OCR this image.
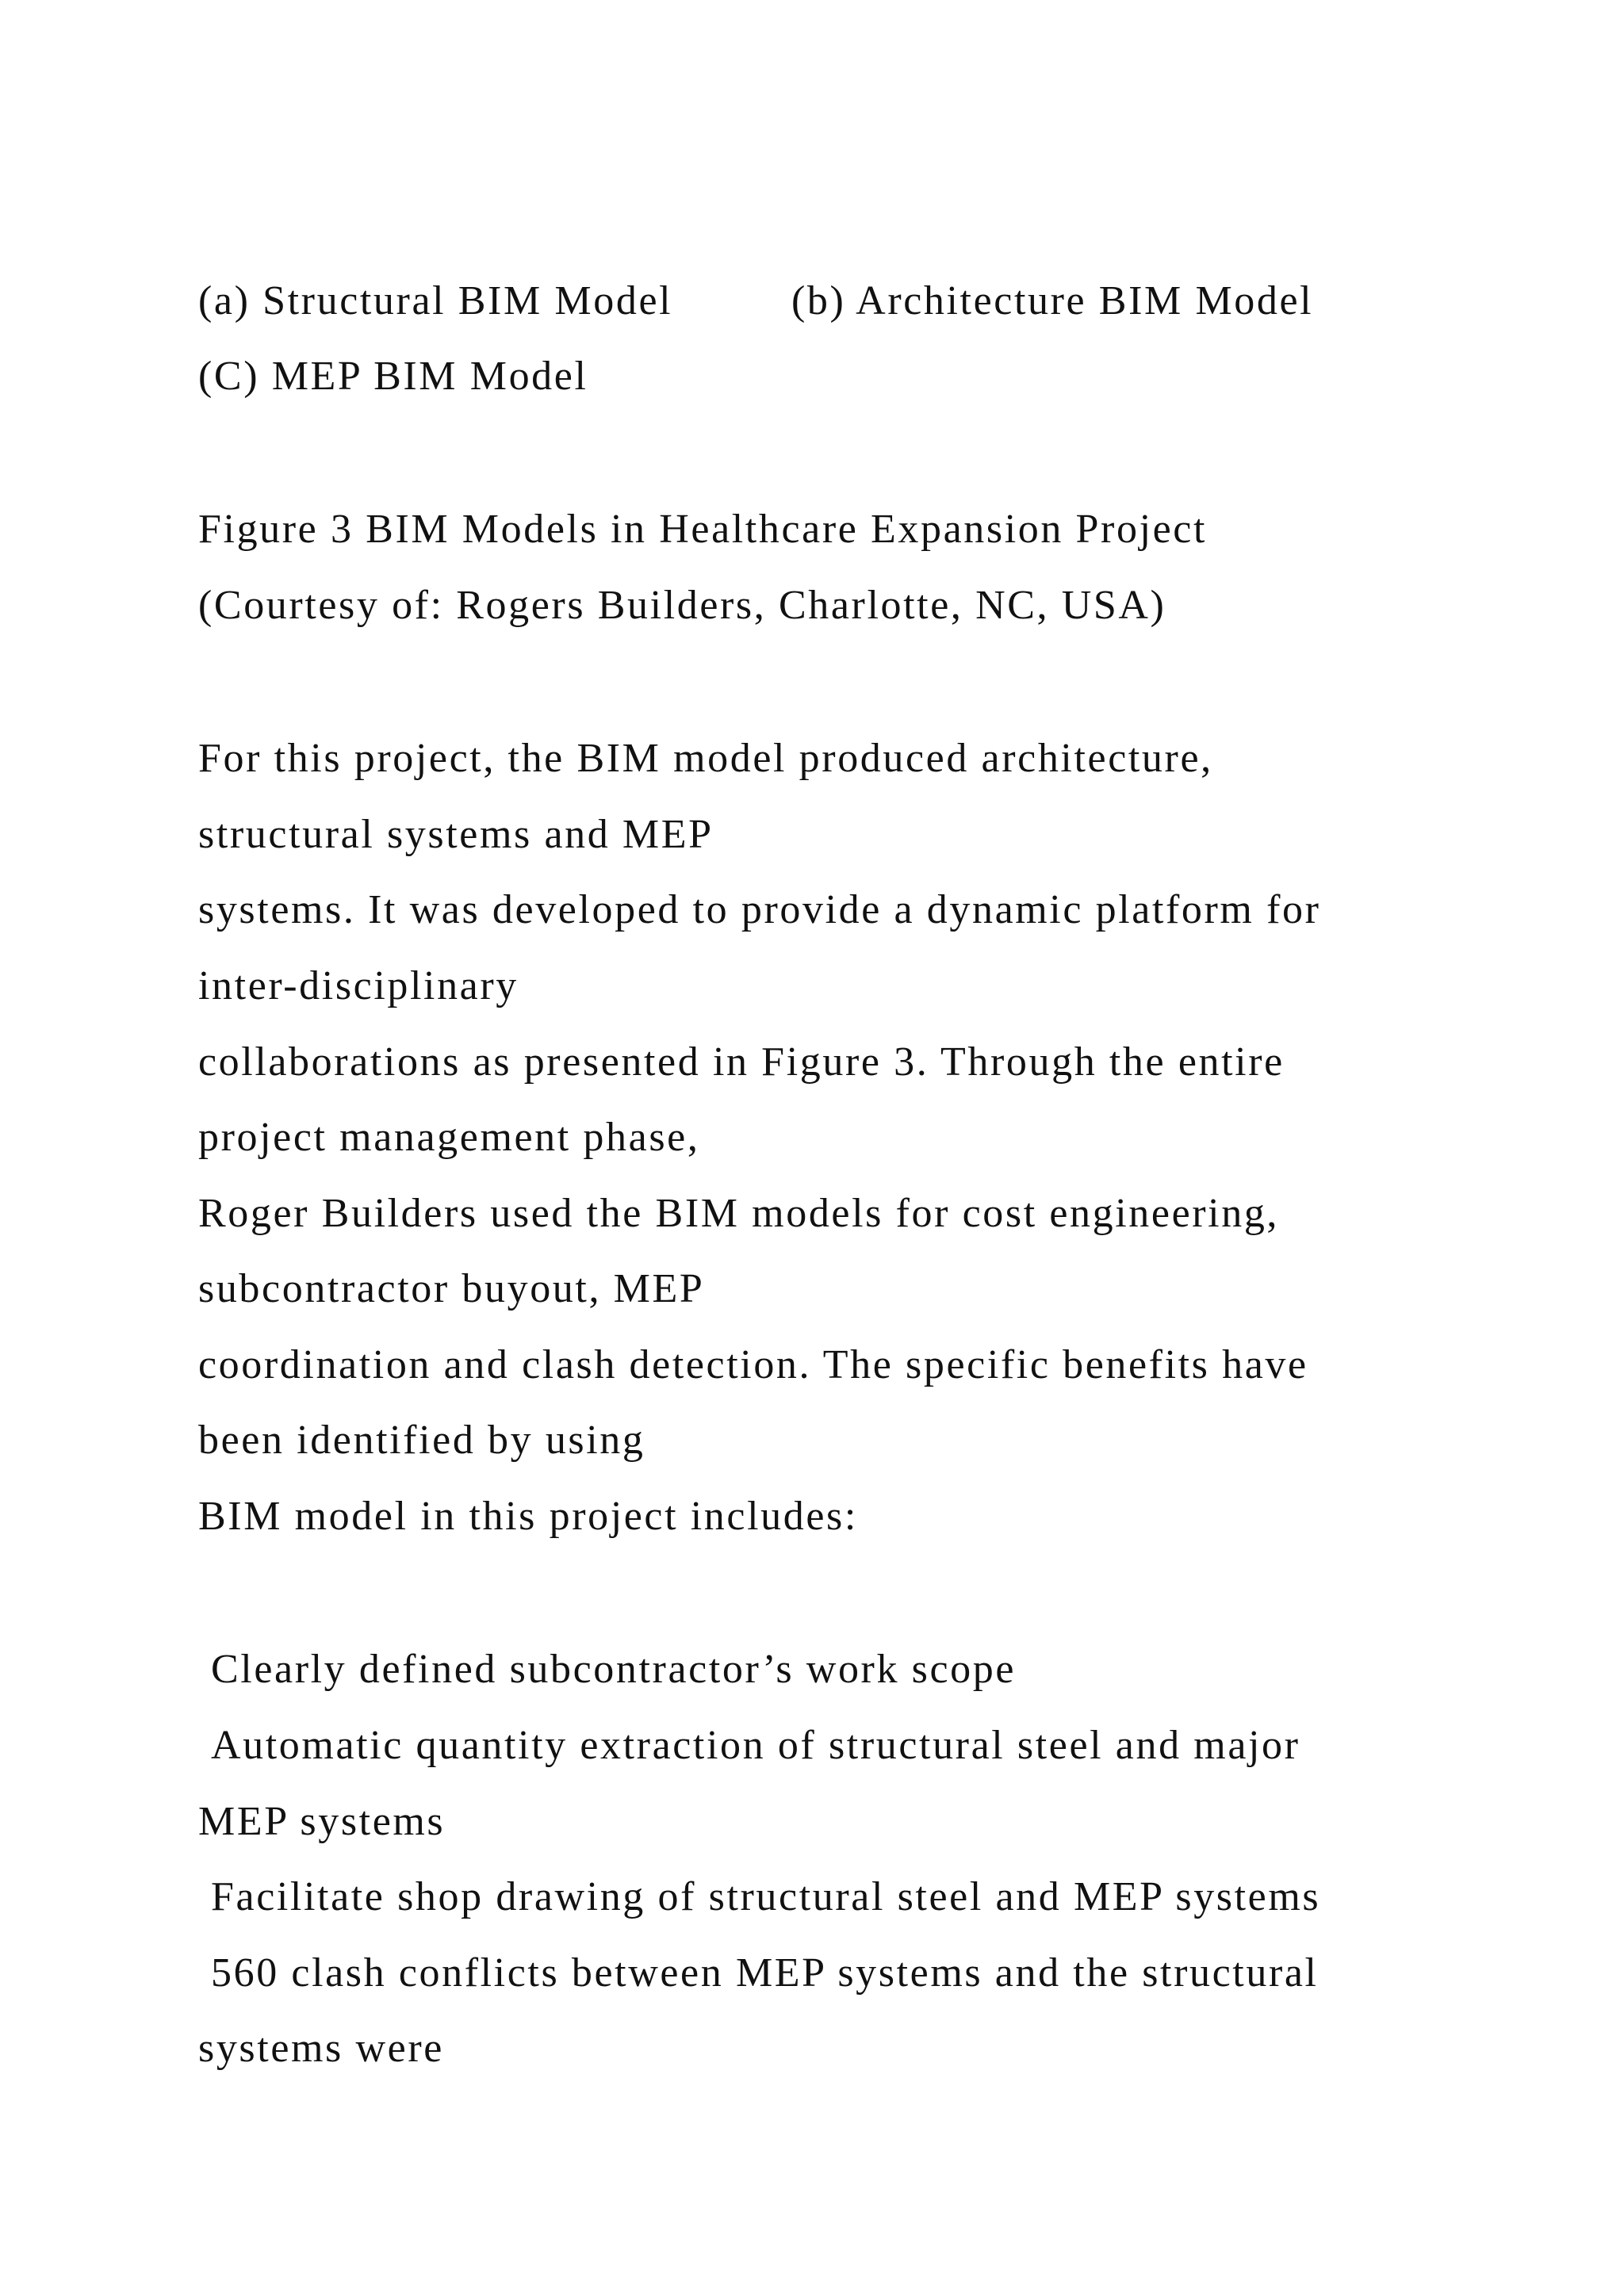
(a) Structural BIM Model	(b) Architecture BIM Model

(C) MEP BIM Model

Figure 3 BIM Models in Healthcare Expansion Project

(Courtesy of: Rogers Builders, Charlotte, NC, USA)

For this project, the BIM model produced architecture,

structural systems and MEP

systems. It was developed to provide a dynamic platform for

inter-disciplinary

collaborations as presented in Figure 3. Through the entire

project management phase,

Roger Builders used the BIM models for cost engineering,

subcontractor buyout, MEP

coordination and clash detection. The specific benefits have

been identified by using

BIM model in this project includes:

Clearly defined subcontractor’s work scope

Automatic quantity extraction of structural steel and major

MEP systems

Facilitate shop drawing of structural steel and MEP systems

560 clash conflicts between MEP systems and the structural

systems were
